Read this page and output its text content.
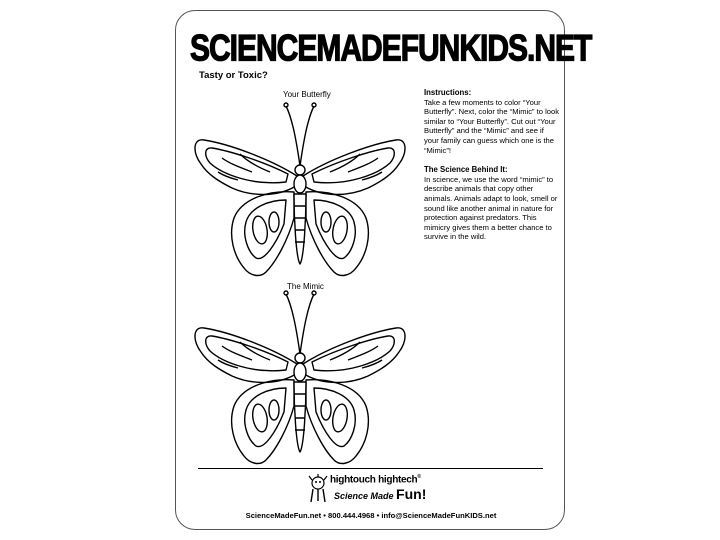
SCIENCEMADEFUNKIDS.NET
Tasty or Toxic?
Your Butterfly
The Mimic
Instructions:

Take a few moments to color “Your Butterfly”. Next, color the “Mimic” to look similar to “Your Butterfly”. Cut out “Your Butterfly” and the “Mimic” and see if your family can guess which one is the “Mimic”!

The Science Behind It:

In science, we use the word “mimic” to describe animals that copy other animals. Animals adapt to look, smell or sound like another animal in nature for protection against predators. This mimicry gives them a better chance to survive in the wild.

hightouch hightech®
Science Made Fun!
ScienceMadeFun.net • 800.444.4968 • info@ScienceMadeFunKIDS.net
